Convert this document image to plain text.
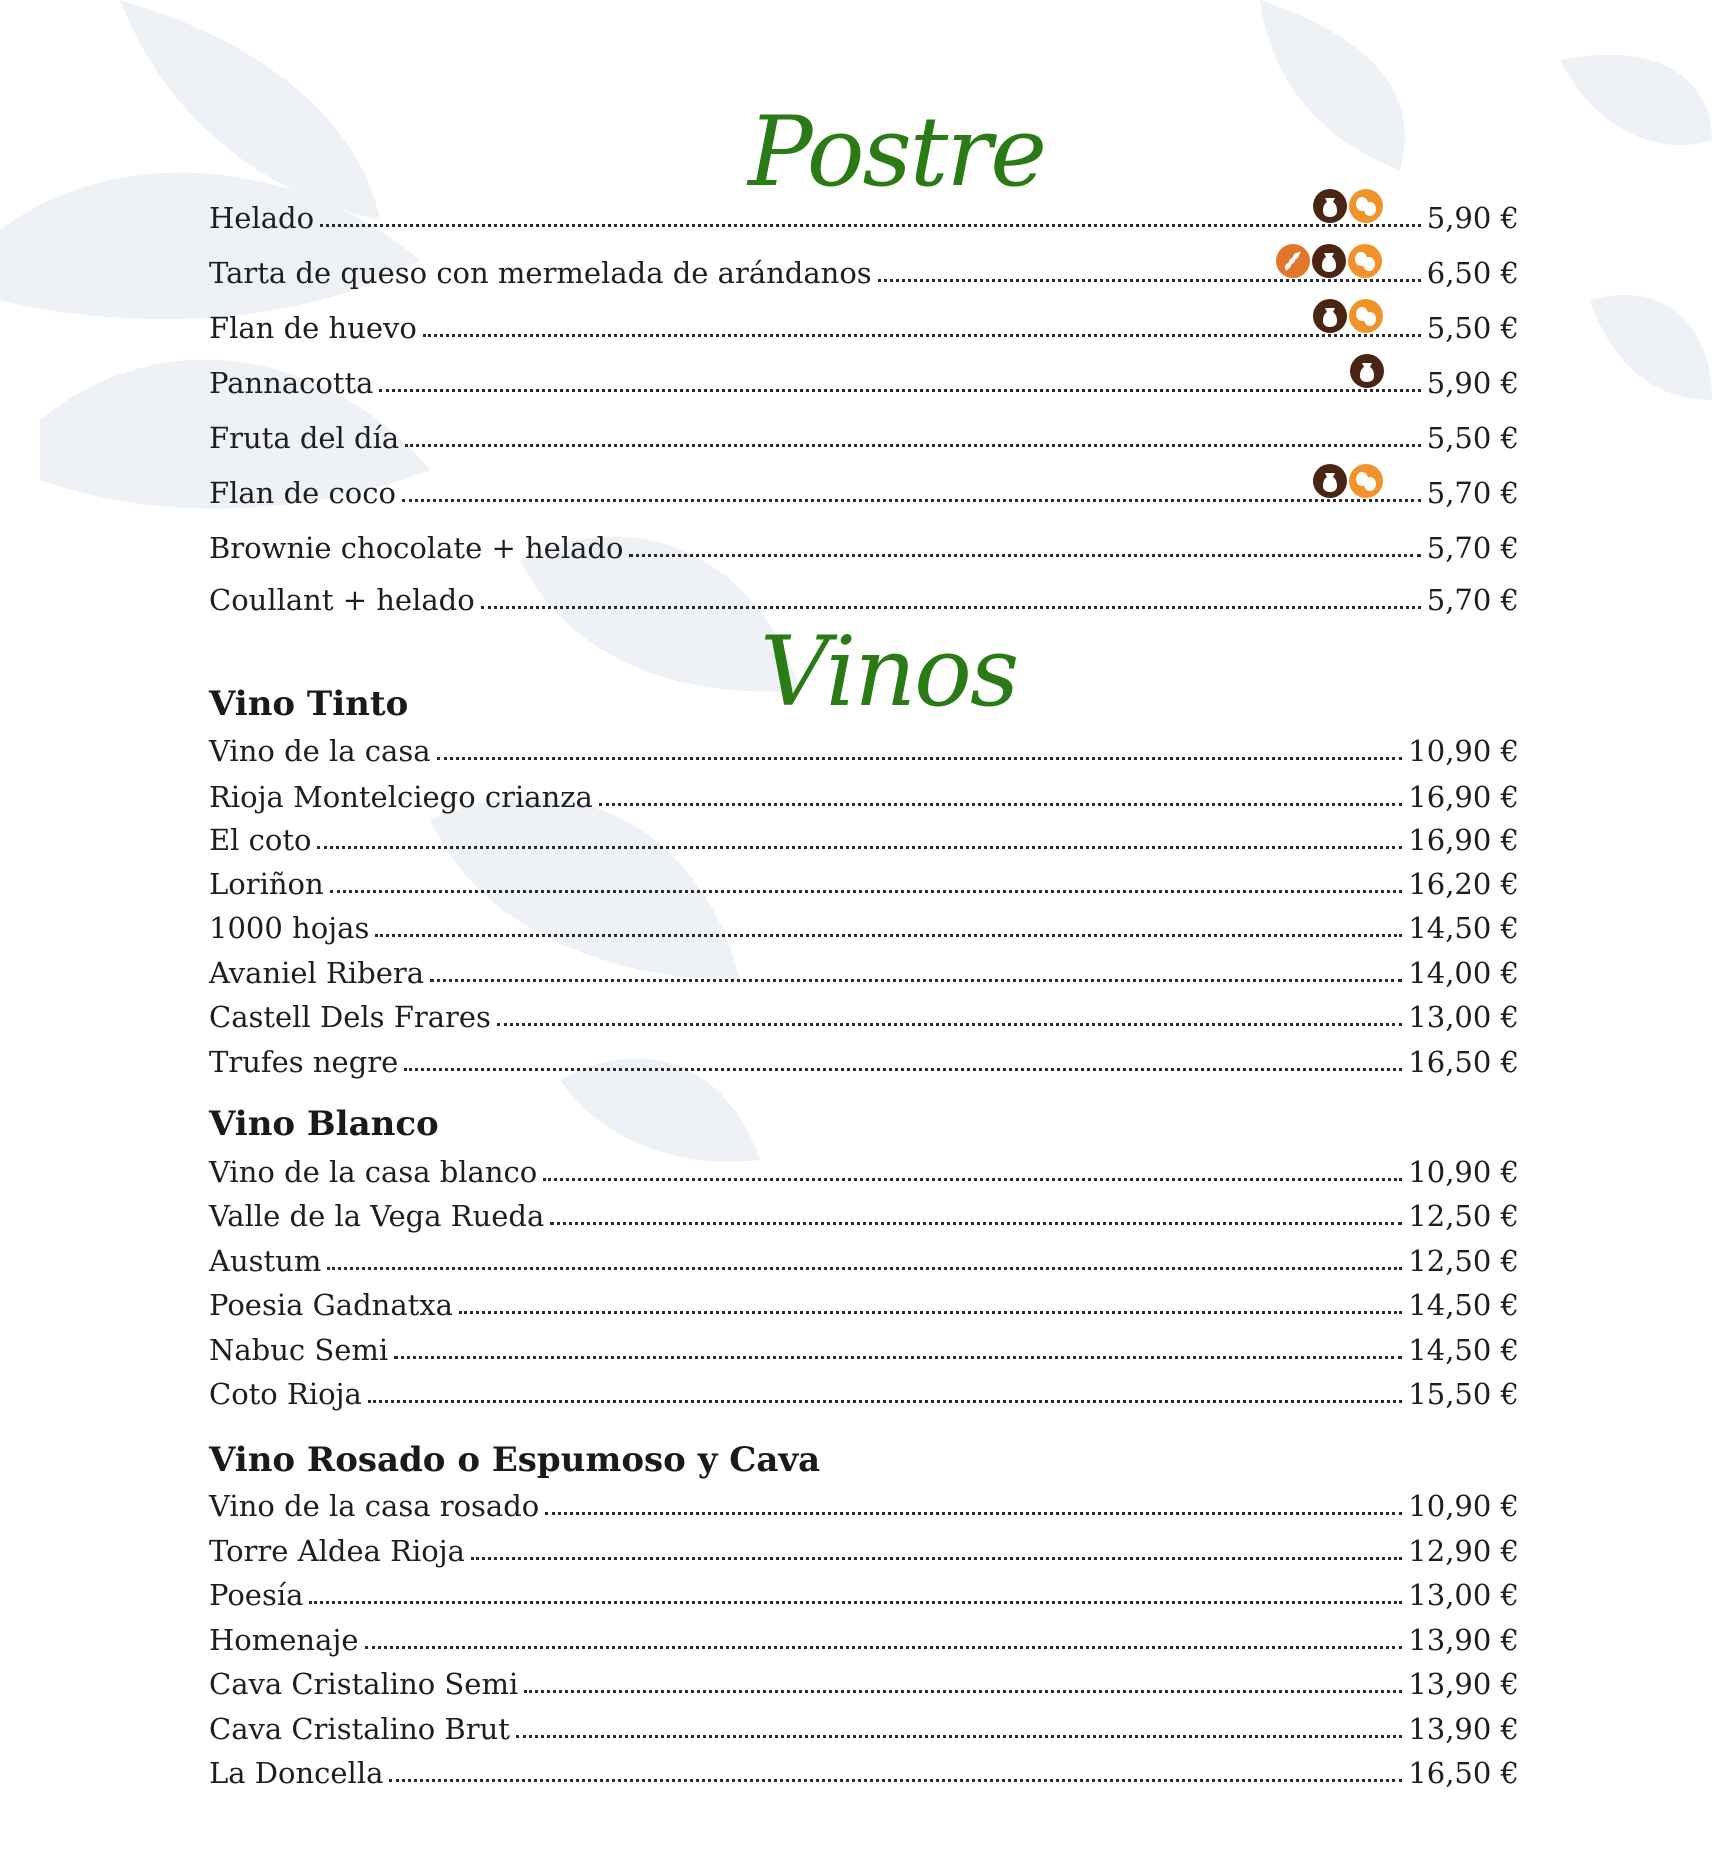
Postre
Helado	5,90 €
Tarta de queso con mermelada de arándanos	6,50 €
Flan de huevo	5,50 €
Pannacotta	5,90 €
Fruta del día	5,50 €
Flan de coco	5,70 €
Brownie chocolate + helado	5,70 €
Coullant + helado	5,70 €
Vinos
Vino Tinto
Vino de la casa	10,90 €
Rioja Montelciego crianza	16,90 €
El coto	16,90 €
Loriñon	16,20 €
1000 hojas	14,50 €
Avaniel Ribera	14,00 €
Castell Dels Frares	13,00 €
Trufes negre	16,50 €
Vino Blanco
Vino de la casa blanco	10,90 €
Valle de la Vega Rueda	12,50 €
Austum	12,50 €
Poesia Gadnatxa	14,50 €
Nabuc Semi	14,50 €
Coto Rioja	15,50 €
Vino Rosado o Espumoso y Cava
Vino de la casa rosado	10,90 €
Torre Aldea Rioja	12,90 €
Poesía	13,00 €
Homenaje	13,90 €
Cava Cristalino Semi	13,90 €
Cava Cristalino Brut	13,90 €
La Doncella	16,50 €
